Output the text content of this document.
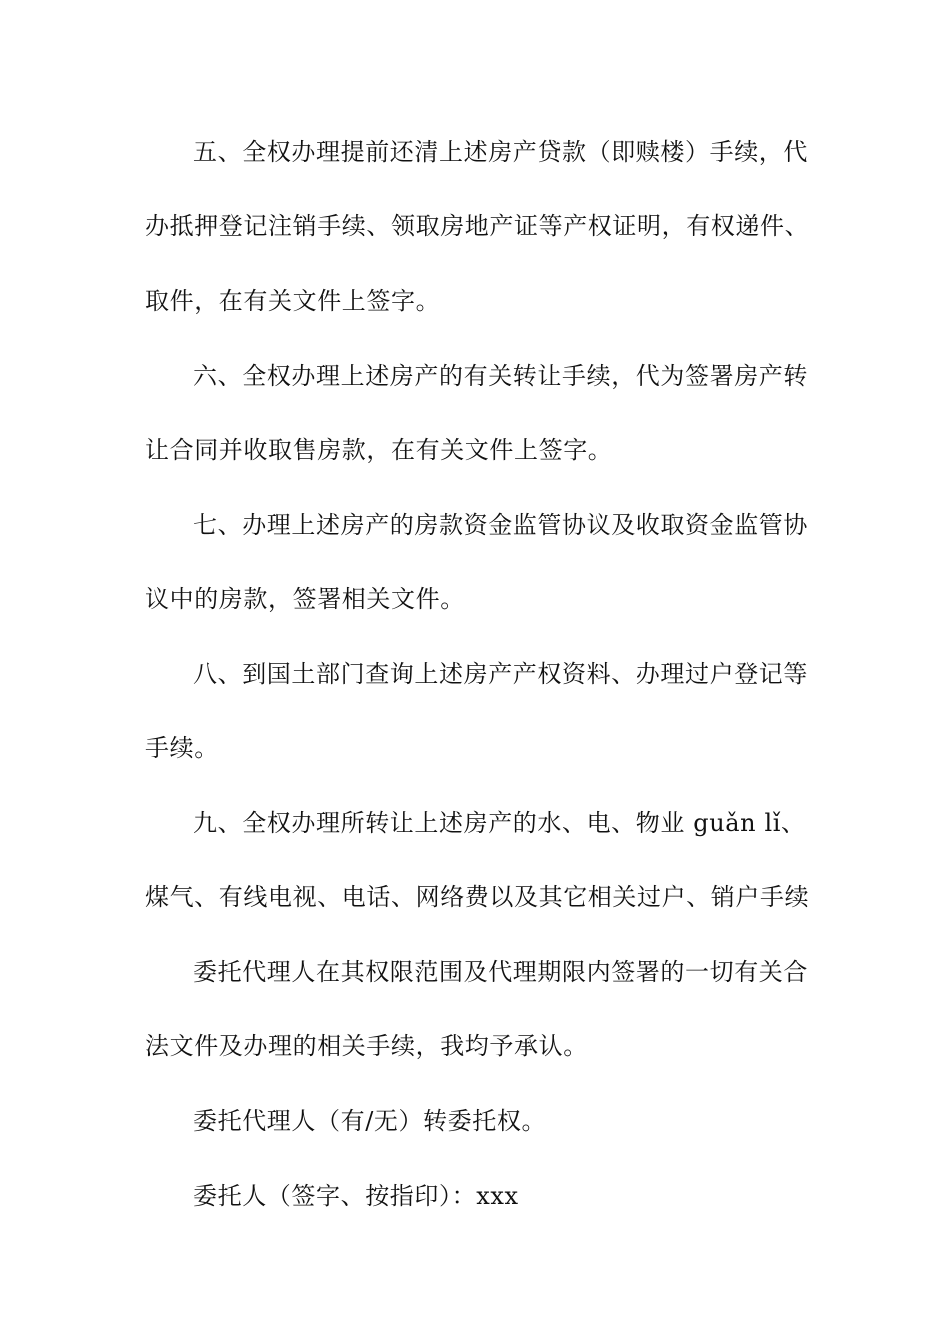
五、全权办理提前还清上述房产贷款（即赎楼）手续，代
办抵押登记注销手续、领取房地产证等产权证明，有权递件、
取件，在有关文件上签字。
六、全权办理上述房产的有关转让手续，代为签署房产转
让合同并收取售房款，在有关文件上签字。
七、办理上述房产的房款资金监管协议及收取资金监管协
议中的房款，签署相关文件。
八、到国土部门查询上述房产产权资料、办理过户登记等
手续。
九、全权办理所转让上述房产的水、电、物业 guǎn lǐ、
煤气、有线电视、电话、网络费以及其它相关过户、销户手续
委托代理人在其权限范围及代理期限内签署的一切有关合
法文件及办理的相关手续，我均予承认。
委托代理人（有/无）转委托权。
委托人（签字、按指印）：xxx
